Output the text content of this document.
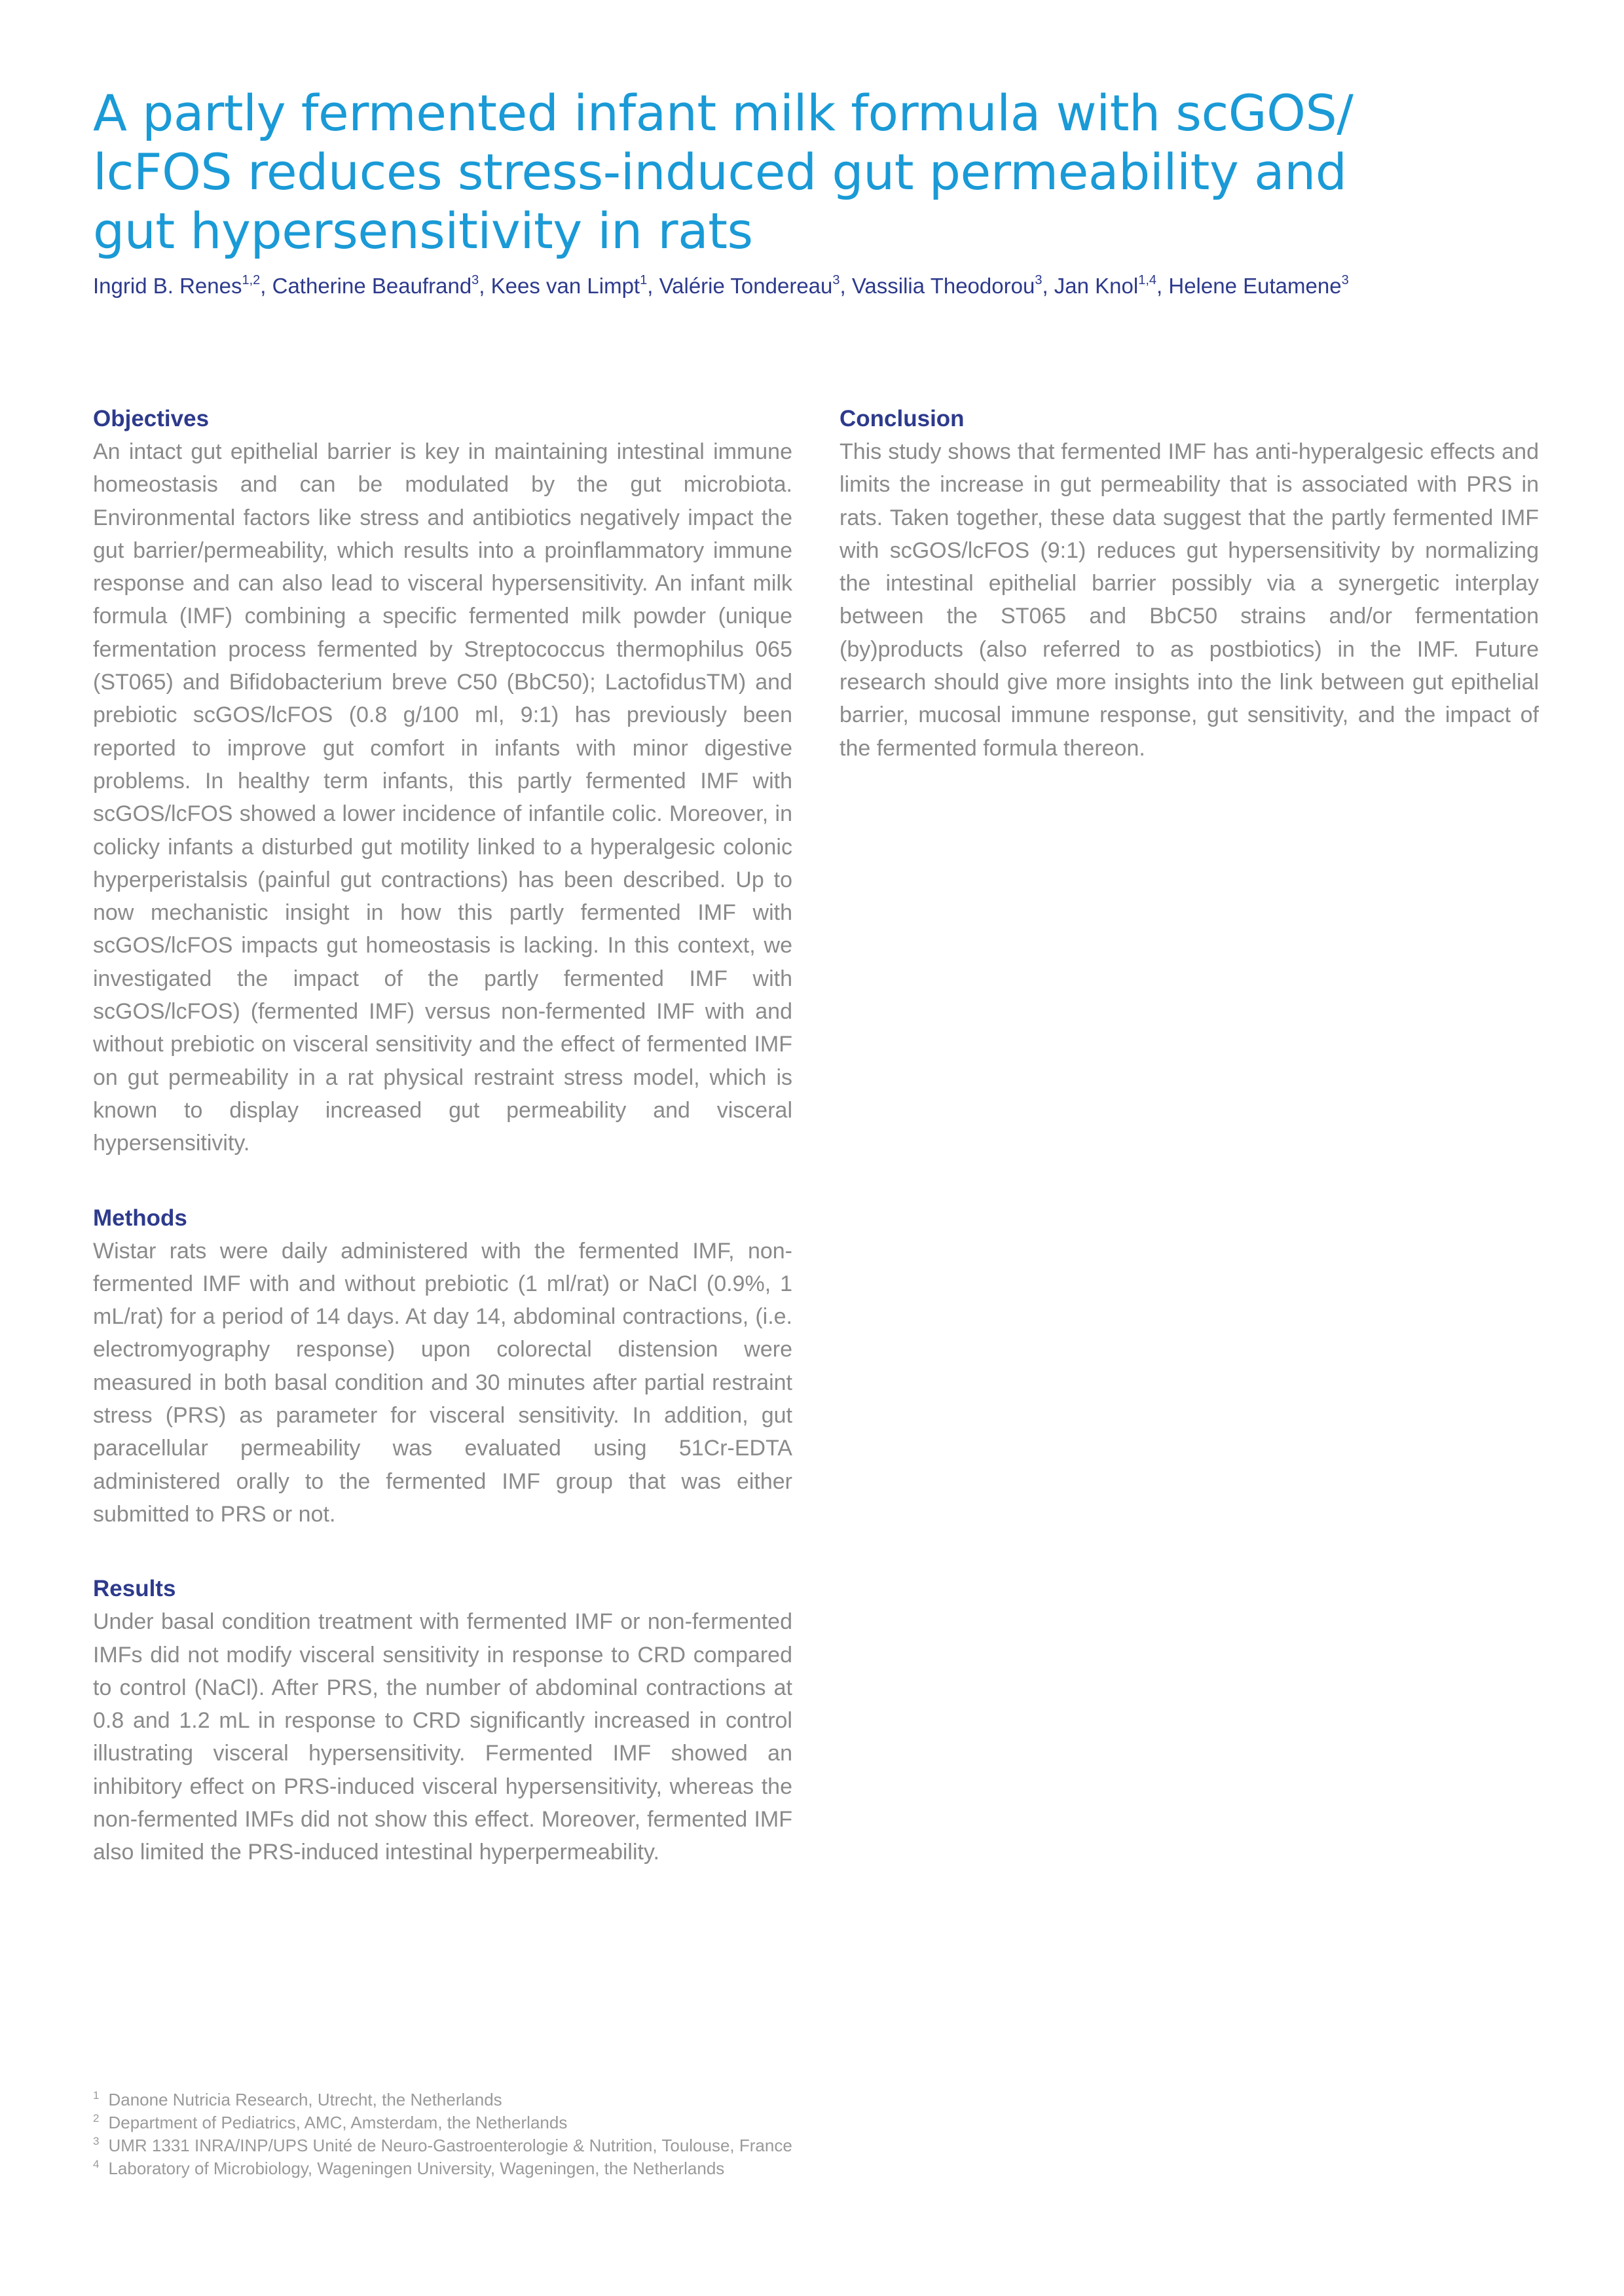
A partly fermented infant milk formula with scGOS/
lcFOS reduces stress-induced gut permeability and
gut hypersensitivity in rats
Ingrid B. Renes$^{1,2}$, Catherine Beaufrand$^3$, Kees van Limpt$^1$, Valérie Tondereau$^3$, Vassilia Theodorou$^3$, Jan Knol$^{1,4}$, Helene Eutamene$^3$
Objectives

An intact gut epithelial barrier is key in maintaining intestinal immune homeostasis and can be modulated by the gut microbiota. Environmental factors like stress and antibiotics negatively impact the gut barrier/permeability, which results into a proinflammatory immune response and can also lead to visceral hypersensitivity. An infant milk formula (IMF) combining a specific fermented milk powder (unique fermentation process fermented by Streptococcus thermophilus 065 (ST065) and Bifidobacterium breve C50 (BbC50); LactofidusTM) and prebiotic scGOS/lcFOS (0.8 g/100 ml, 9:1) has previously been reported to improve gut comfort in infants with minor digestive problems. In healthy term infants, this partly fermented IMF with scGOS/lcFOS showed a lower incidence of infantile colic. Moreover, in colicky infants a disturbed gut motility linked to a hyperalgesic colonic hyperperistalsis (painful gut contractions) has been described. Up to now mechanistic insight in how this partly fermented IMF with scGOS/lcFOS impacts gut homeostasis is lacking. In this context, we investigated the impact of the partly fermented IMF with scGOS/lcFOS) (fermented IMF) versus non-fermented IMF with and without prebiotic on visceral sensitivity and the effect of fermented IMF on gut permeability in a rat physical restraint stress model, which is known to display increased gut permeability and visceral hypersensitivity.

Methods

Wistar rats were daily administered with the fermented IMF, non-fermented IMF with and without prebiotic (1 ml/rat) or NaCl (0.9%, 1 mL/rat) for a period of 14 days. At day 14, abdominal contractions, (i.e. electromyography response) upon colorectal distension were measured in both basal condition and 30 minutes after partial restraint stress (PRS) as parameter for visceral sensitivity. In addition, gut paracellular permeability was evaluated using 51Cr-EDTA administered orally to the fermented IMF group that was either submitted to PRS or not.

Results

Under basal condition treatment with fermented IMF or non-fermented IMFs did not modify visceral sensitivity in response to CRD compared to control (NaCl). After PRS, the number of abdominal contractions at 0.8 and 1.2 mL in response to CRD significantly increased in control illustrating visceral hypersensitivity. Fermented IMF showed an inhibitory effect on PRS-induced visceral hypersensitivity, whereas the non-fermented IMFs did not show this effect. Moreover, fermented IMF also limited the PRS-induced intestinal hyperpermeability.

Conclusion

This study shows that fermented IMF has anti-hyperalgesic effects and limits the increase in gut permeability that is associated with PRS in rats. Taken together, these data suggest that the partly fermented IMF with scGOS/lcFOS (9:1) reduces gut hypersensitivity by normalizing the intestinal epithelial barrier possibly via a synergetic interplay between the ST065 and BbC50 strains and/or fermentation (by)products (also referred to as postbiotics) in the IMF. Future research should give more insights into the link between gut epithelial barrier, mucosal immune response, gut sensitivity, and the impact of the fermented formula thereon.

$^1$ Danone Nutricia Research, Utrecht, the Netherlands
$^2$ Department of Pediatrics, AMC, Amsterdam, the Netherlands
$^3$ UMR 1331 INRA/INP/UPS Unité de Neuro-Gastroenterologie & Nutrition, Toulouse, France
$^4$ Laboratory of Microbiology, Wageningen University, Wageningen, the Netherlands
